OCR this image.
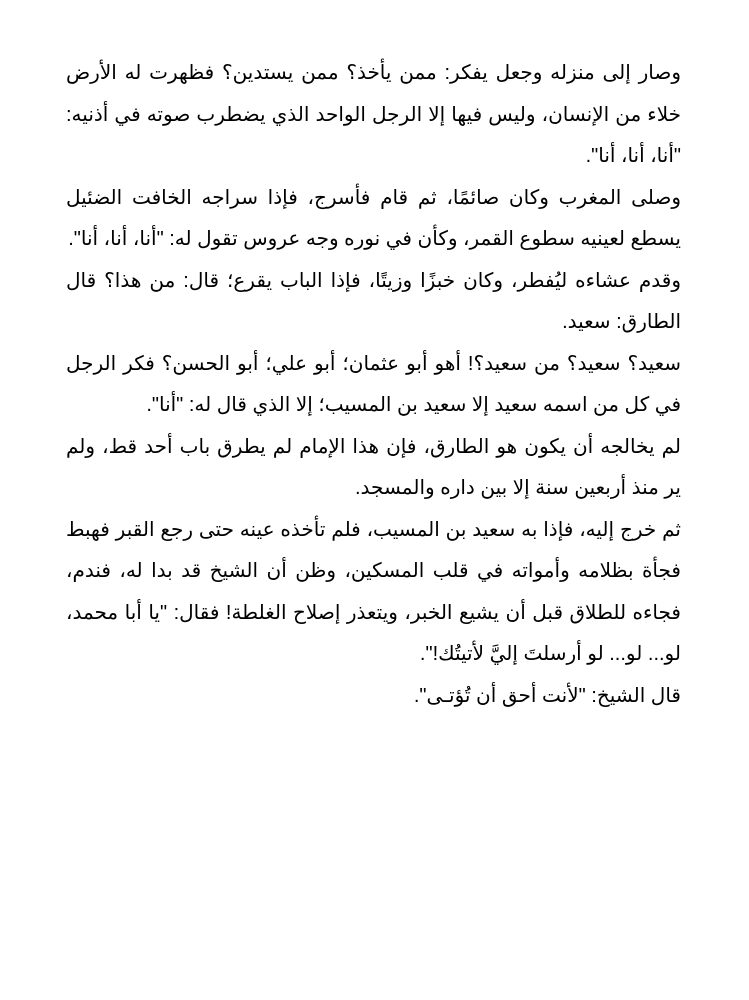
وصار إلى منزله وجعل يفكر: ممن يأخذ؟ ممن يستدين؟ فظهرت له الأرض خلاء من الإنسان، وليس فيها إلا الرجل الواحد الذي يضطرب صوته في أذنيه: "أنا، أنا، أنا".

وصلى المغرب وكان صائمًا، ثم قام فأسرج، فإذا سراجه الخافت الضئيل يسطع لعينيه سطوع القمر، وكأن في نوره وجه عروس تقول له: "أنا، أنا، أنا".

وقدم عشاءه ليُفطر، وكان خبزًا وزيتًا، فإذا الباب يقرع؛ قال: من هذا؟ قال الطارق: سعيد.

سعيد؟ سعيد؟ من سعيد؟! أهو أبو عثمان؛ أبو علي؛ أبو الحسن؟ فكر الرجل في كل من اسمه سعيد إلا سعيد بن المسيب؛ إلا الذي قال له: "أنا".

لم يخالجه أن يكون هو الطارق، فإن هذا الإمام لم يطرق باب أحد قط، ولم ير منذ أربعين سنة إلا بين داره والمسجد.

ثم خرج إليه، فإذا به سعيد بن المسيب، فلم تأخذه عينه حتى رجع القبر فهبط فجأة بظلامه وأمواته في قلب المسكين، وظن أن الشيخ قد بدا له، فندم، فجاءه للطلاق قبل أن يشيع الخبر، ويتعذر إصلاح الغلطة! فقال: "يا أبا محمد، لو... لو... لو أرسلتَ إليَّ لأتيتُك!".

قال الشيخ: "لأنت أحق أن تُؤتـى".
